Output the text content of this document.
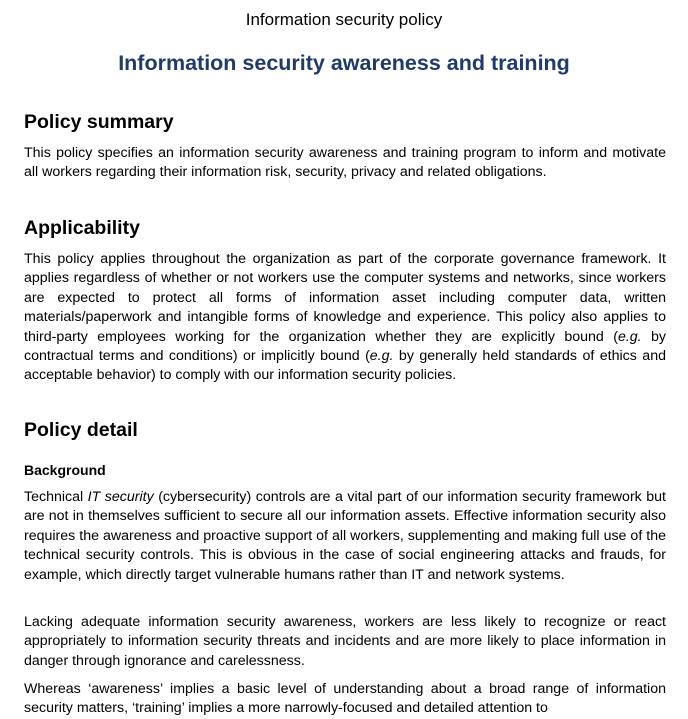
Information security policy
Information security awareness and training
Policy summary

This policy specifies an information security awareness and training program to inform and motivate all workers regarding their information risk, security, privacy and related obligations.

Applicability

This policy applies throughout the organization as part of the corporate governance framework. It applies regardless of whether or not workers use the computer systems and networks, since workers are expected to protect all forms of information asset including computer data, written materials/paperwork and intangible forms of knowledge and experience. This policy also applies to third-party employees working for the organization whether they are explicitly bound (e.g. by contractual terms and conditions) or implicitly bound (e.g. by generally held standards of ethics and acceptable behavior) to comply with our information security policies.

Policy detail
Background

Technical IT security (cybersecurity) controls are a vital part of our information security framework but are not in themselves sufficient to secure all our information assets. Effective information security also requires the awareness and proactive support of all workers, supplementing and making full use of the technical security controls. This is obvious in the case of social engineering attacks and frauds, for example, which directly target vulnerable humans rather than IT and network systems.

Lacking adequate information security awareness, workers are less likely to recognize or react appropriately to information security threats and incidents and are more likely to place information in danger through ignorance and carelessness.

Whereas ‘awareness’ implies a basic level of understanding about a broad range of information security matters, ‘training’ implies a more narrowly-focused and detailed attention to
